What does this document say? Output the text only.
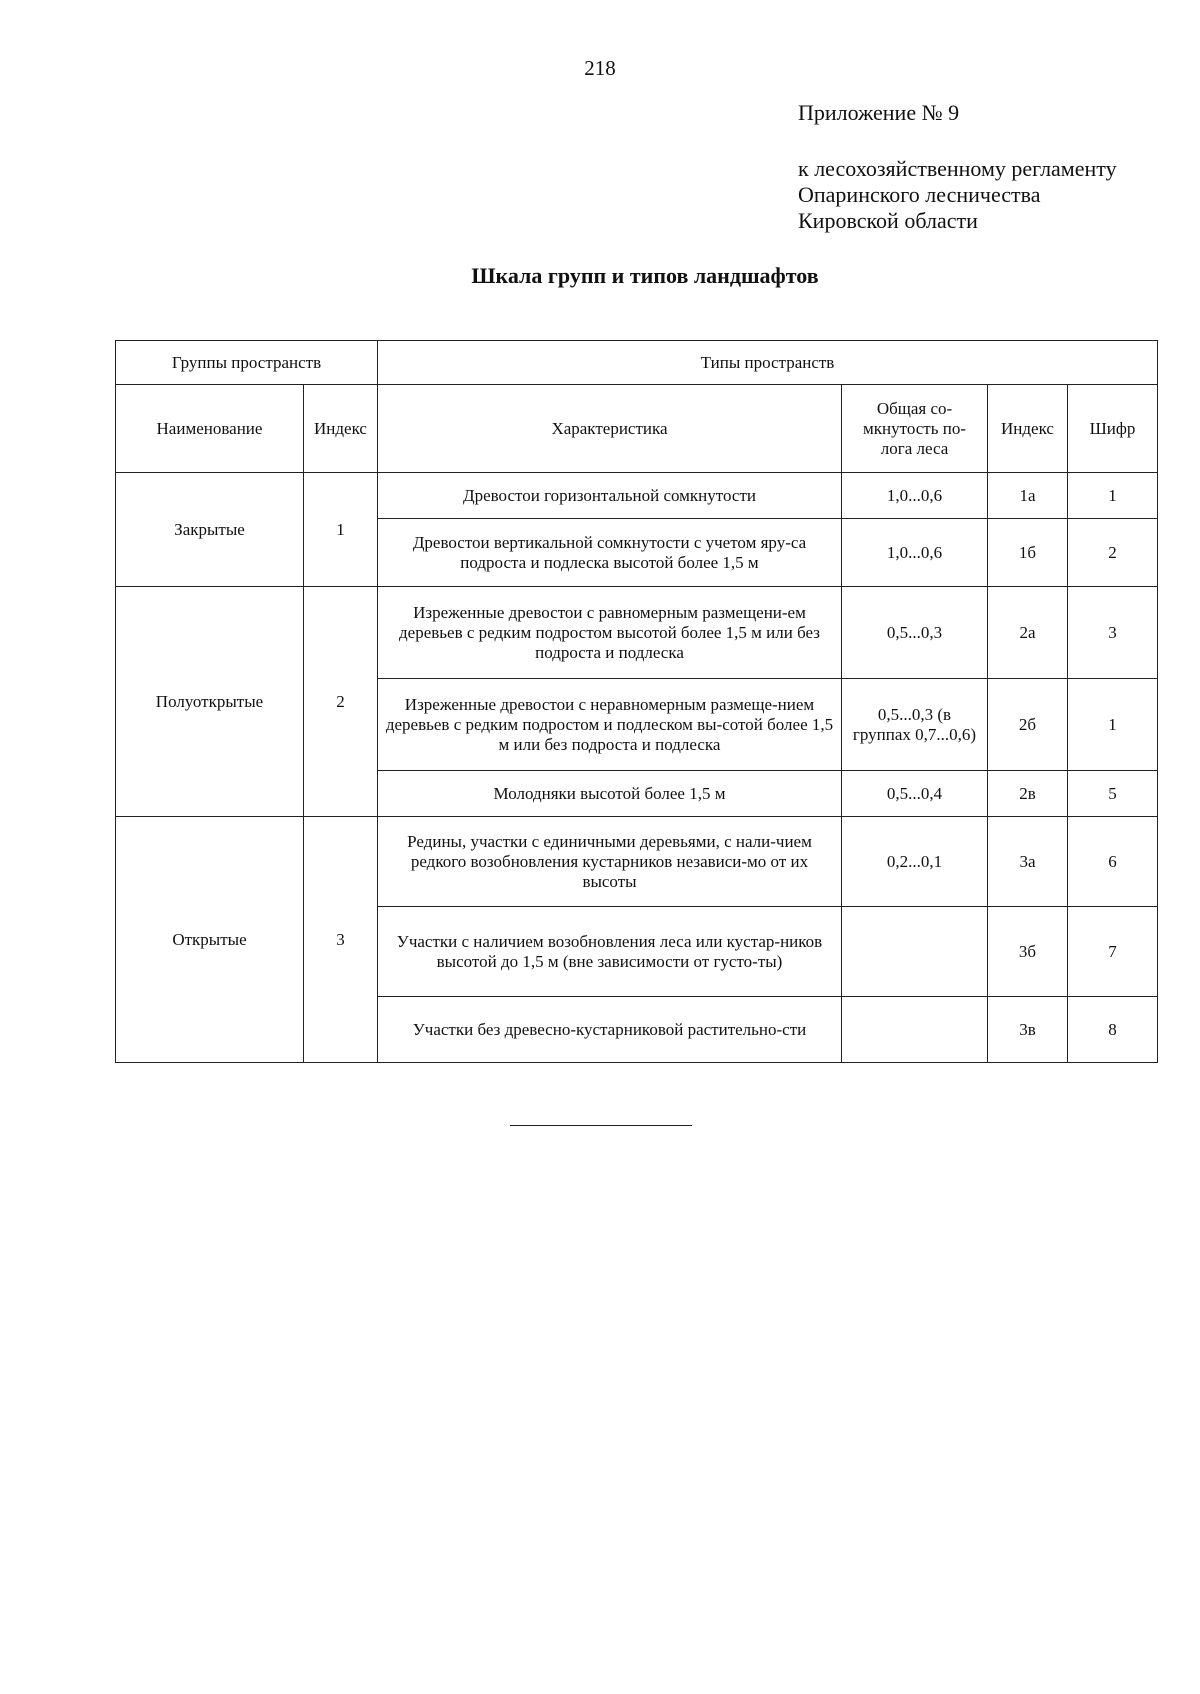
218
Приложение № 9
к лесохозяйственному регламенту
Опаринского лесничества
Кировской области
Шкала групп и типов ландшафтов
Группы пространств		Типы пространств			
Наименование	Индекс	Характеристика	Общая со-мкнутость по-лога леса	Индекс	Шифр
Закрытые	1	Древостои горизонтальной сомкнутости	1,0...0,6	1а	1
		Древостои вертикальной сомкнутости с учетом яру-са подроста и подлеска высотой более 1,5 м	1,0...0,6	1б	2
Полуоткрытые	2	Изреженные древостои с равномерным размещени-ем деревьев с редким подростом высотой более 1,5 м или без подроста и подлеска	0,5...0,3	2а	3
		Изреженные древостои с неравномерным размеще-нием деревьев с редким подростом и подлеском вы-сотой более 1,5 м или без подроста и подлеска	0,5...0,3 (в группах 0,7...0,6)	2б	1
		Молодняки высотой более 1,5 м	0,5...0,4	2в	5
Открытые	3	Редины, участки с единичными деревьями, с нали-чием редкого возобновления кустарников независи-мо от их высоты	0,2...0,1	3а	6
		Участки с наличием возобновления леса или кустар-ников высотой до 1,5 м (вне зависимости от густо-ты)		3б	7
		Участки без древесно-кустарниковой растительно-сти		3в	8
